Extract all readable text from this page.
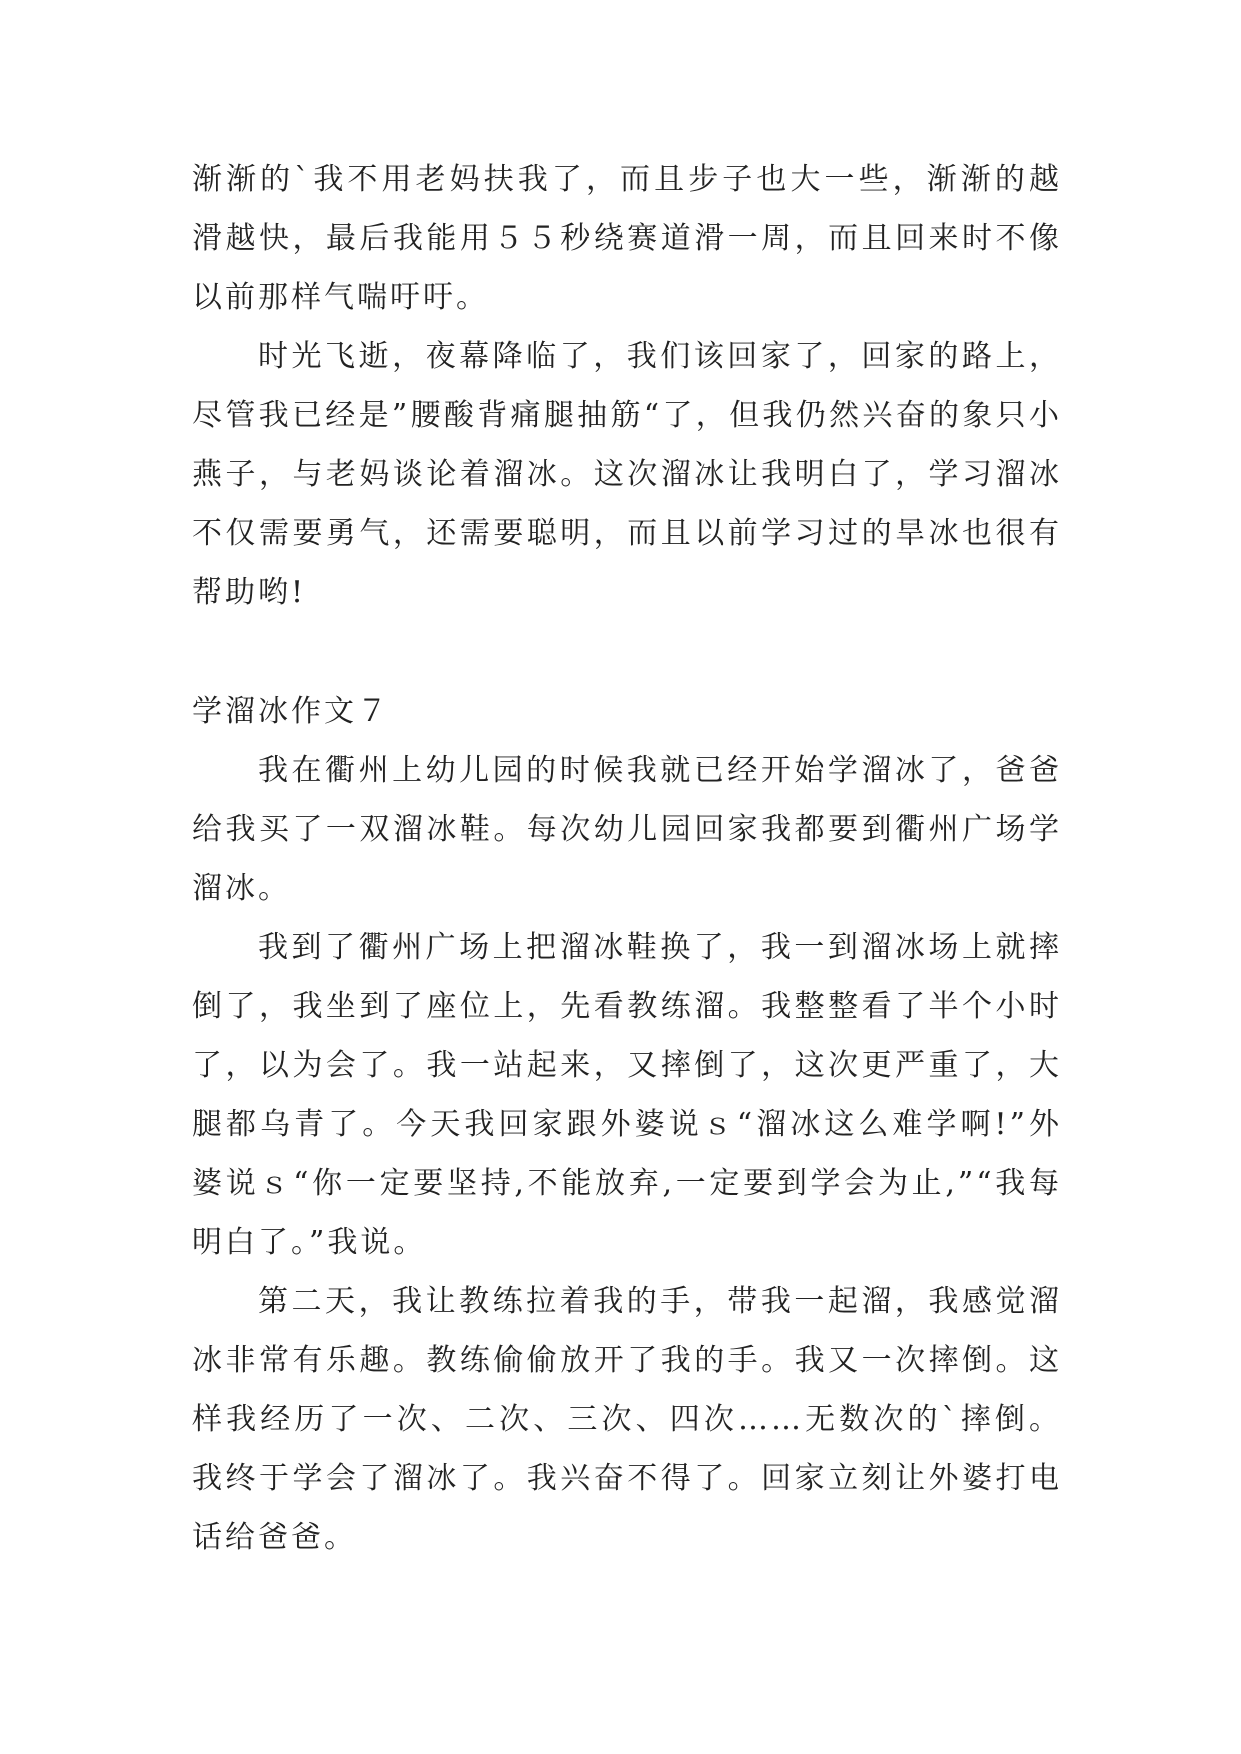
渐渐的`我不用老妈扶我了，而且步子也大一些，渐渐的越滑越快，最后我能用５５秒绕赛道滑一周，而且回来时不像以前那样气喘吁吁。

时光飞逝，夜幕降临了，我们该回家了，回家的路上，尽管我已经是”腰酸背痛腿抽筋“了，但我仍然兴奋的象只小燕子，与老妈谈论着溜冰。这次溜冰让我明白了，学习溜冰不仅需要勇气，还需要聪明，而且以前学习过的旱冰也很有帮助哟!

学溜冰作文７

我在衢州上幼儿园的时候我就已经开始学溜冰了，爸爸给我买了一双溜冰鞋。每次幼儿园回家我都要到衢州广场学溜冰。

我到了衢州广场上把溜冰鞋换了，我一到溜冰场上就摔倒了，我坐到了座位上，先看教练溜。我整整看了半个小时了，以为会了。我一站起来，又摔倒了，这次更严重了，大腿都乌青了。今天我回家跟外婆说ｓ“溜冰这么难学啊!”外婆说ｓ“你一定要坚持,不能放弃,一定要到学会为止,”“我每明白了。”我说。

第二天，我让教练拉着我的手，带我一起溜，我感觉溜冰非常有乐趣。教练偷偷放开了我的手。我又一次摔倒。这样我经历了一次、二次、三次、四次……无数次的`摔倒。我终于学会了溜冰了。我兴奋不得了。回家立刻让外婆打电话给爸爸。
